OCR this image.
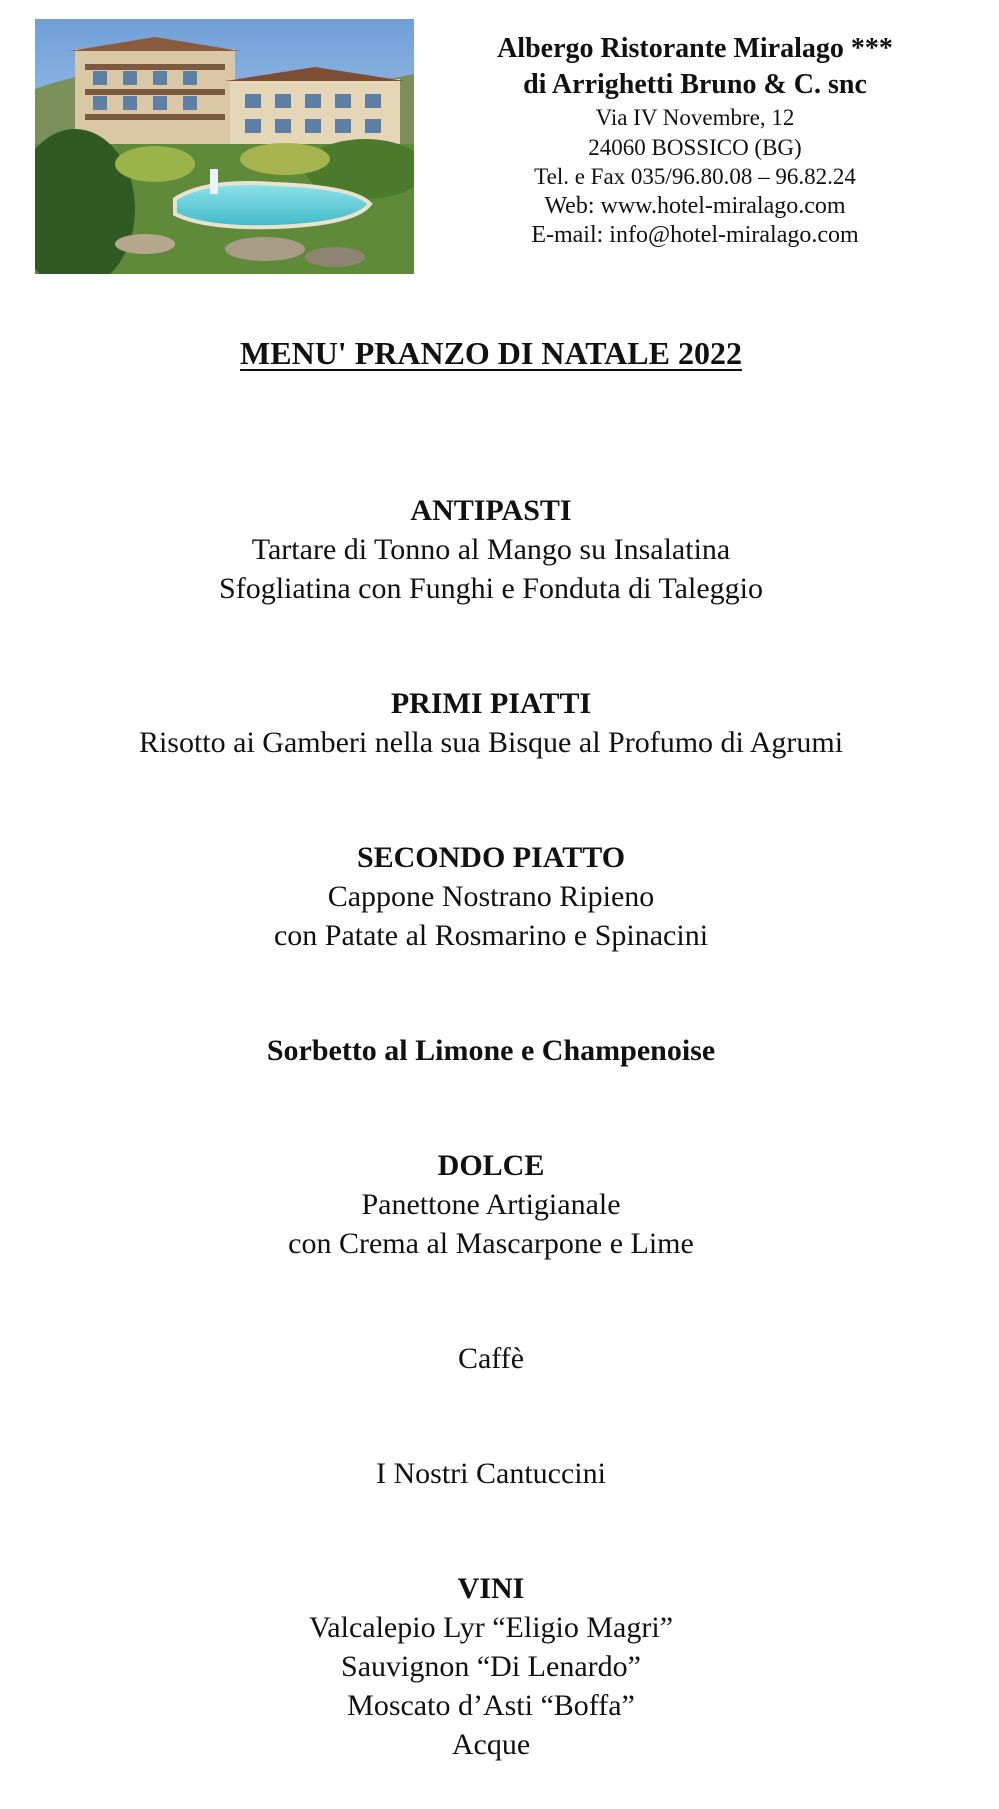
Albergo Ristorante Miralago ***

di Arrighetti Bruno & C. snc

Via IV Novembre, 12

24060 BOSSICO (BG)

Tel. e Fax 035/96.80.08 – 96.82.24

Web: www.hotel-miralago.com

E-mail: info@hotel-miralago.com

MENU' PRANZO DI NATALE 2022

ANTIPASTI

Tartare di Tonno al Mango su Insalatina

Sfogliatina con Funghi e Fonduta di Taleggio

PRIMI PIATTI

Risotto ai Gamberi nella sua Bisque al Profumo di Agrumi

SECONDO PIATTO

Cappone Nostrano Ripieno

con Patate al Rosmarino e Spinacini

Sorbetto al Limone e Champenoise

DOLCE

Panettone Artigianale

con Crema al Mascarpone e Lime

Caffè

I Nostri Cantuccini

VINI

Valcalepio Lyr “Eligio Magri”

Sauvignon “Di Lenardo”

Moscato d’Asti “Boffa”

Acque
